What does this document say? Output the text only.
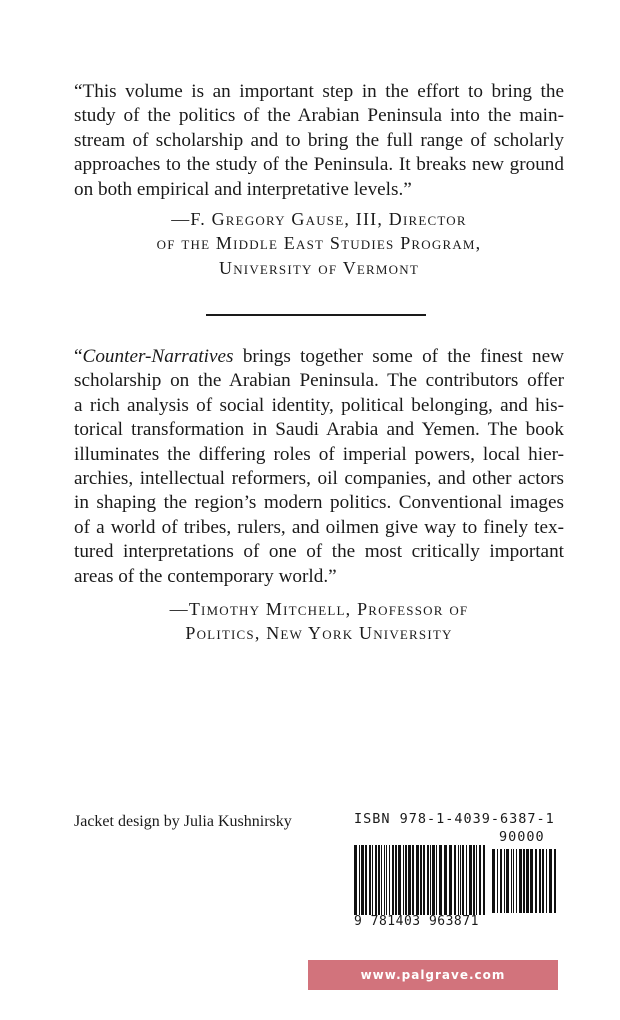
“This volume is an important step in the effort to bring the
study of the politics of the Arabian Peninsula into the main-
stream of scholarship and to bring the full range of scholarly
approaches to the study of the Peninsula. It breaks new ground
on both empirical and interpretative levels.”
—F. Gregory Gause, III, Director
of the Middle East Studies Program,
University of Vermont
“Counter-Narratives brings together some of the finest new
scholarship on the Arabian Peninsula. The contributors offer
a rich analysis of social identity, political belonging, and his-
torical transformation in Saudi Arabia and Yemen. The book
illuminates the differing roles of imperial powers, local hier-
archies, intellectual reformers, oil companies, and other actors
in shaping the region’s modern politics. Conventional images
of a world of tribes, rulers, and oilmen give way to finely tex-
tured interpretations of one of the most critically important
areas of the contemporary world.”
—Timothy Mitchell, Professor of
Politics, New York University
Jacket design by Julia Kushnirsky	ISBN 978-1-4039-6387-1
90000
9 781403 963871
www.palgrave.com
